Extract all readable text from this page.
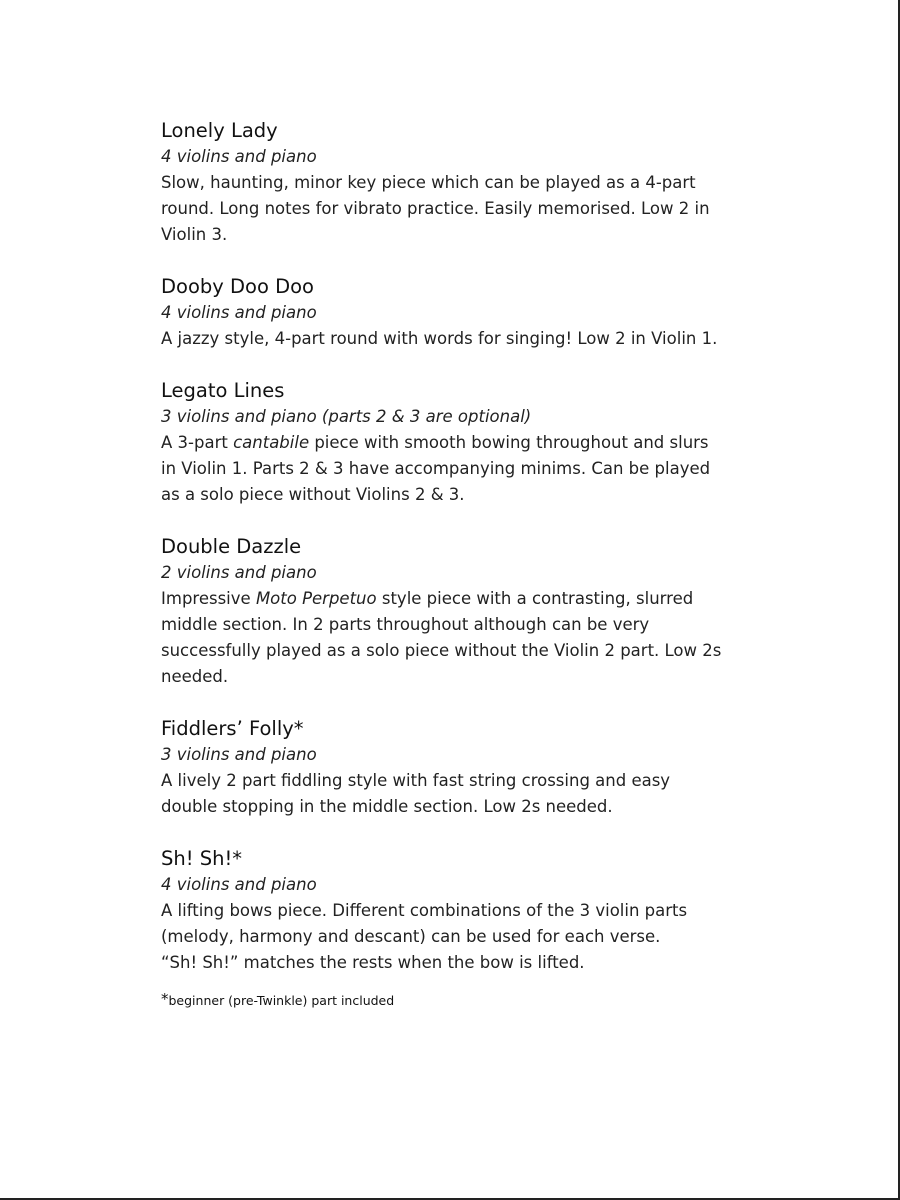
Lonely Lady
4 violins and piano
Slow, haunting, minor key piece which can be played as a 4-part
round. Long notes for vibrato practice. Easily memorised. Low 2 in
Violin 3.
Dooby Doo Doo
4 violins and piano
A jazzy style, 4-part round with words for singing! Low 2 in Violin 1.
Legato Lines
3 violins and piano (parts 2 & 3 are optional)
A 3-part cantabile piece with smooth bowing throughout and slurs
in Violin 1. Parts 2 & 3 have accompanying minims. Can be played
as a solo piece without Violins 2 & 3.
Double Dazzle
2 violins and piano
Impressive Moto Perpetuo style piece with a contrasting, slurred
middle section. In 2 parts throughout although can be very
successfully played as a solo piece without the Violin 2 part. Low 2s
needed.
Fiddlers’ Folly*
3 violins and piano
A lively 2 part fiddling style with fast string crossing and easy
double stopping in the middle section. Low 2s needed.
Sh! Sh!*
4 violins and piano
A lifting bows piece. Different combinations of the 3 violin parts
(melody, harmony and descant) can be used for each verse.
“Sh! Sh!” matches the rests when the bow is lifted.
*beginner (pre-Twinkle) part included
